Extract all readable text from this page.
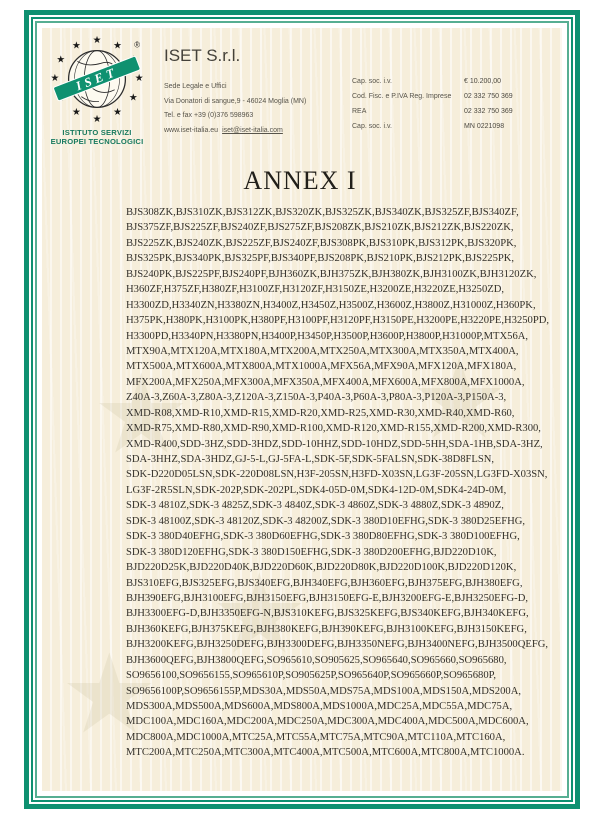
★ ★
★
★
★
★
★
★
★
★
★
★
★
★
ISET
®
ISTITUTO SERVIZI
EUROPEI TECNOLOGICI
ISET S.r.l.
Sede Legale e Uffici
Via Donatori di sangue,9 - 46024 Moglia (MN)
Tel. e fax +39 (0)376 598963
www.iset-italia.eu iset@iset-italia.com
Cap. soc. i.v.	€ 10.200,00
Cod. Fisc. e P.IVA Reg. Imprese	02 332 750 369
REA	02 332 750 369
Cap. soc. i.v.	MN 0221098
ANNEX I
BJS308ZK,BJS310ZK,BJS312ZK,BJS320ZK,BJS325ZK,BJS340ZK,BJS325ZF,BJS340ZF,
BJS375ZF,BJS225ZF,BJS240ZF,BJS275ZF,BJS208ZK,BJS210ZK,BJS212ZK,BJS220ZK,
BJS225ZK,BJS240ZK,BJS225ZF,BJS240ZF,BJS308PK,BJS310PK,BJS312PK,BJS320PK,
BJS325PK,BJS340PK,BJS325PF,BJS340PF,BJS208PK,BJS210PK,BJS212PK,BJS225PK,
BJS240PK,BJS225PF,BJS240PF,BJH360ZK,BJH375ZK,BJH380ZK,BJH3100ZK,BJH3120ZK,
H360ZF,H375ZF,H380ZF,H3100ZF,H3120ZF,H3150ZE,H3200ZE,H3220ZE,H3250ZD,
H3300ZD,H3340ZN,H3380ZN,H3400Z,H3450Z,H3500Z,H3600Z,H3800Z,H31000Z,H360PK,
H375PK,H380PK,H3100PK,H380PF,H3100PF,H3120PF,H3150PE,H3200PE,H3220PE,H3250PD,
H3300PD,H3340PN,H3380PN,H3400P,H3450P,H3500P,H3600P,H3800P,H31000P,MTX56A,
MTX90A,MTX120A,MTX180A,MTX200A,MTX250A,MTX300A,MTX350A,MTX400A,
MTX500A,MTX600A,MTX800A,MTX1000A,MFX56A,MFX90A,MFX120A,MFX180A,
MFX200A,MFX250A,MFX300A,MFX350A,MFX400A,MFX600A,MFX800A,MFX1000A,
Z40A-3,Z60A-3,Z80A-3,Z120A-3,Z150A-3,P40A-3,P60A-3,P80A-3,P120A-3,P150A-3,
XMD-R08,XMD-R10,XMD-R15,XMD-R20,XMD-R25,XMD-R30,XMD-R40,XMD-R60,
XMD-R75,XMD-R80,XMD-R90,XMD-R100,XMD-R120,XMD-R155,XMD-R200,XMD-R300,
XMD-R400,SDD-3HZ,SDD-3HDZ,SDD-10HHZ,SDD-10HDZ,SDD-5HH,SDA-1HB,SDA-3HZ,
SDA-3HHZ,SDA-3HDZ,GJ-5-L,GJ-5FA-L,SDK-5F,SDK-5FALSN,SDK-38D8FLSN,
SDK-D220D05LSN,SDK-220D08LSN,H3F-205SN,H3FD-X03SN,LG3F-205SN,LG3FD-X03SN,
LG3F-2R5SLN,SDK-202P,SDK-202PL,SDK4-05D-0M,SDK4-12D-0M,SDK4-24D-0M,
SDK-3 4810Z,SDK-3 4825Z,SDK-3 4840Z,SDK-3 4860Z,SDK-3 4880Z,SDK-3 4890Z,
SDK-3 48100Z,SDK-3 48120Z,SDK-3 48200Z,SDK-3 380D10EFHG,SDK-3 380D25EFHG,
SDK-3 380D40EFHG,SDK-3 380D60EFHG,SDK-3 380D80EFHG,SDK-3 380D100EFHG,
SDK-3 380D120EFHG,SDK-3 380D150EFHG,SDK-3 380D200EFHG,BJD220D10K,
BJD220D25K,BJD220D40K,BJD220D60K,BJD220D80K,BJD220D100K,BJD220D120K,
BJS310EFG,BJS325EFG,BJS340EFG,BJH340EFG,BJH360EFG,BJH375EFG,BJH380EFG,
BJH390EFG,BJH3100EFG,BJH3150EFG,BJH3150EFG-E,BJH3200EFG-E,BJH3250EFG-D,
BJH3300EFG-D,BJH3350EFG-N,BJS310KEFG,BJS325KEFG,BJS340KEFG,BJH340KEFG,
BJH360KEFG,BJH375KEFG,BJH380KEFG,BJH390KEFG,BJH3100KEFG,BJH3150KEFG,
BJH3200KEFG,BJH3250DEFG,BJH3300DEFG,BJH3350NEFG,BJH3400NEFG,BJH3500QEFG,
BJH3600QEFG,BJH3800QEFG,SO965610,SO905625,SO965640,SO965660,SO965680,
SO9656100,SO9656155,SO965610P,SO905625P,SO965640P,SO965660P,SO965680P,
SO9656100P,SO9656155P,MDS30A,MDS50A,MDS75A,MDS100A,MDS150A,MDS200A,
MDS300A,MDS500A,MDS600A,MDS800A,MDS1000A,MDC25A,MDC55A,MDC75A,
MDC100A,MDC160A,MDC200A,MDC250A,MDC300A,MDC400A,MDC500A,MDC600A,
MDC800A,MDC1000A,MTC25A,MTC55A,MTC75A,MTC90A,MTC110A,MTC160A,
MTC200A,MTC250A,MTC300A,MTC400A,MTC500A,MTC600A,MTC800A,MTC1000A.
